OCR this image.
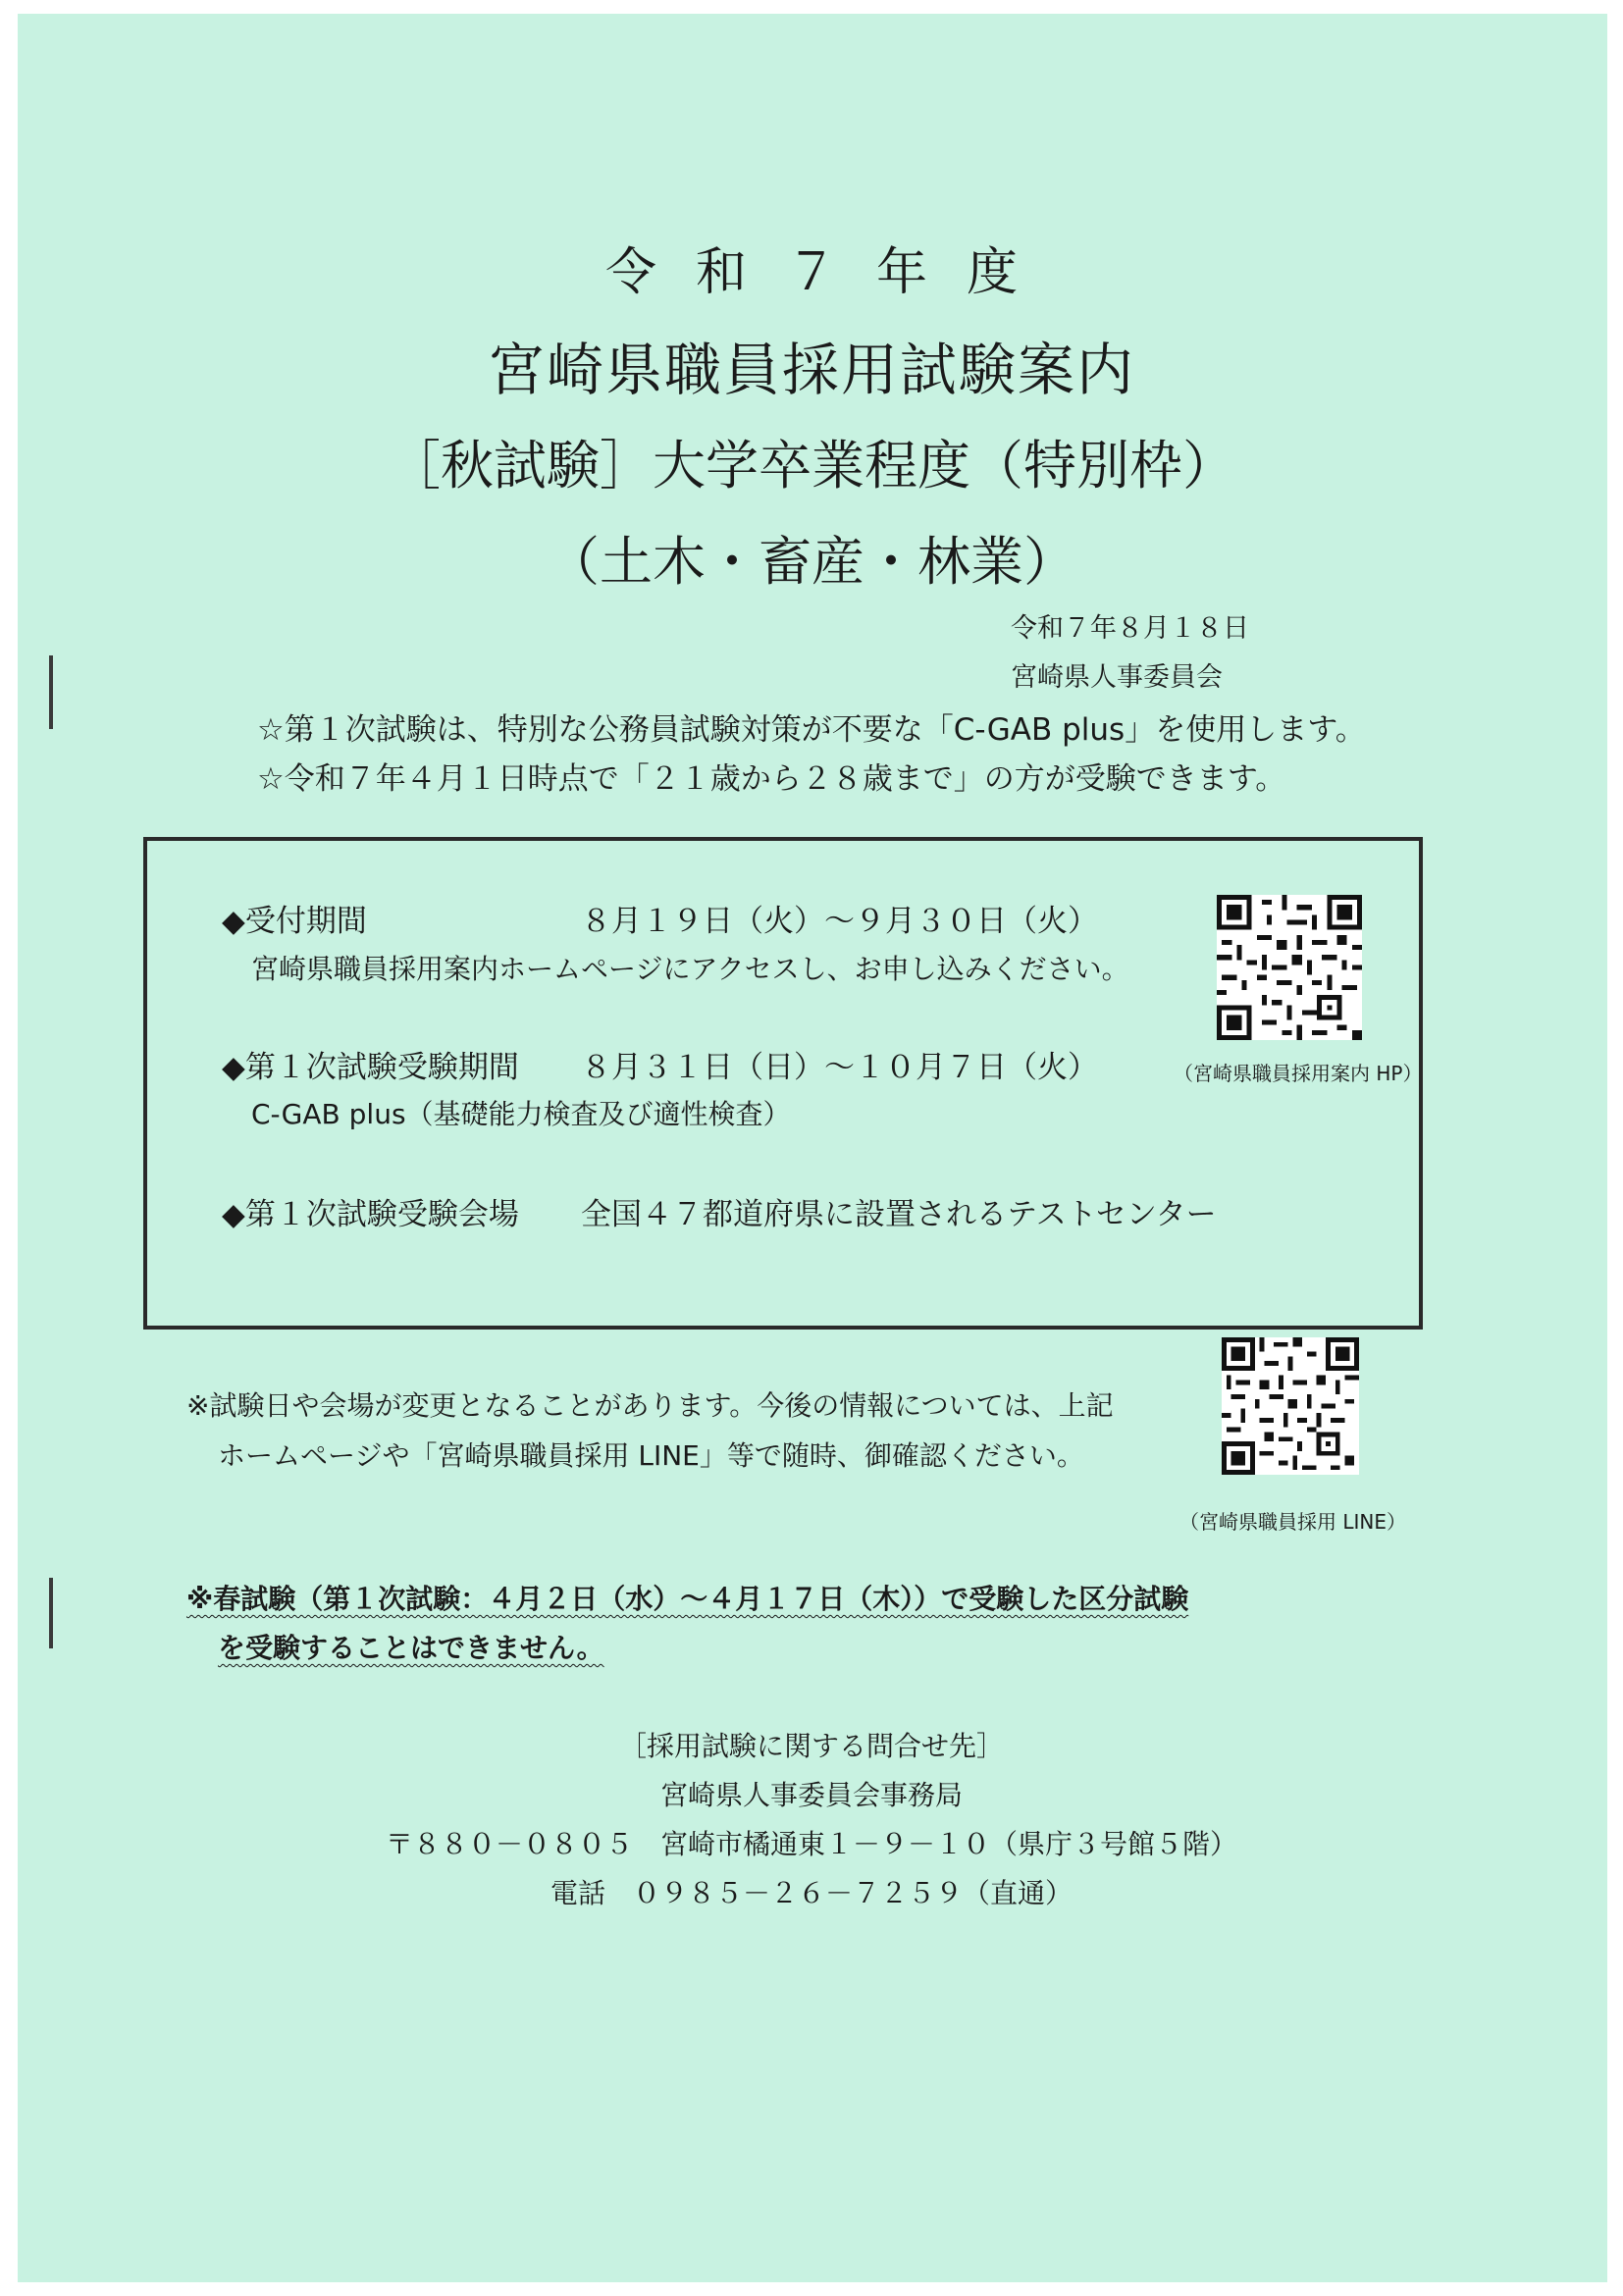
令和７年度
宮崎県職員採用試験案内
［秋試験］大学卒業程度（特別枠）
（土木・畜産・林業）
令和７年８月１８日
宮崎県人事委員会
☆第１次試験は、特別な公務員試験対策が不要な「C-GAB plus」を使用します。
☆令和７年４月１日時点で「２１歳から２８歳まで」の方が受験できます。
◆受付期間	８月１９日（火）～９月３０日（火）
宮崎県職員採用案内ホームページにアクセスし、お申し込みください。
◆第１次試験受験期間 ８月３１日（日）～１０月７日（火）
C-GAB plus（基礎能力検査及び適性検査）
◆第１次試験受験会場 全国４７都道府県に設置されるテストセンター
（宮崎県職員採用案内 HP）
（宮崎県職員採用 LINE）
※試験日や会場が変更となることがあります。今後の情報については、上記
ホームページや「宮崎県職員採用 LINE」等で随時、御確認ください。
※春試験（第１次試験：４月２日（水）～４月１７日（木））で受験した区分試験
を受験することはできません。
［採用試験に関する問合せ先］
宮崎県人事委員会事務局
〒８８０－０８０５　宮崎市橘通東１－９－１０（県庁３号館５階）
電話　０９８５－２６－７２５９（直通）
